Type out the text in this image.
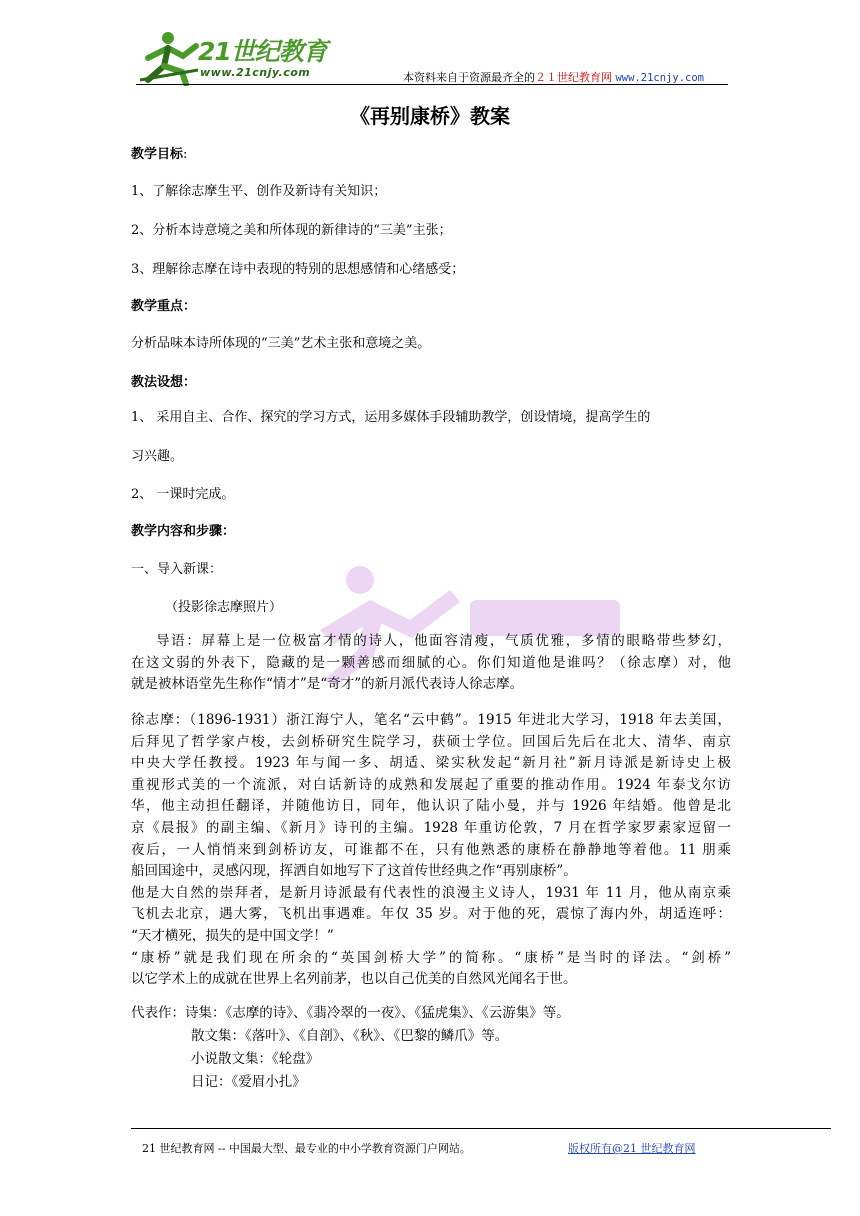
21世纪教育
www.21cnjy.com	本资料来自于资源最齐全的２１世纪教育网 www.21cnjy.com
《再别康桥》教案
教学目标:
1、了解徐志摩生平、创作及新诗有关知识；
2、分析本诗意境之美和所体现的新律诗的“三美”主张；
3、理解徐志摩在诗中表现的特别的思想感情和心绪感受；
教学重点：
分析品味本诗所体现的“三美”艺术主张和意境之美。
教法设想：
1、 采用自主、合作、探究的学习方式，运用多媒体手段辅助教学，创设情境，提高学生的
习兴趣。
2、 一课时完成。
教学内容和步骤：
一、导入新课：
（投影徐志摩照片）
导语：屏幕上是一位极富才情的诗人，他面容清瘦，气质优雅，多情的眼略带些梦幻，
在这文弱的外表下，隐藏的是一颗善感而细腻的心。你们知道他是谁吗？（徐志摩）对，他
就是被林语堂先生称作“情才”是“奇才”的新月派代表诗人徐志摩。
徐志摩：（1896-1931）浙江海宁人，笔名“云中鹤”。1915 年进北大学习，1918 年去美国，
后拜见了哲学家卢梭，去剑桥研究生院学习，获硕士学位。回国后先后在北大、清华、南京
中央大学任教授。1923 年与闻一多、胡适、梁实秋发起“新月社”新月诗派是新诗史上极
重视形式美的一个流派，对白话新诗的成熟和发展起了重要的推动作用。1924 年泰戈尔访
华，他主动担任翻译，并随他访日，同年，他认识了陆小曼，并与 1926 年结婚。他曾是北
京《晨报》的副主编、《新月》诗刊的主编。1928 年重访伦敦，7 月在哲学家罗素家逗留一
夜后，一人悄悄来到剑桥访友，可谁都不在，只有他熟悉的康桥在静静地等着他。11 朋乘
船回国途中，灵感闪现，挥洒自如地写下了这首传世经典之作“再别康桥”。
他是大自然的崇拜者，是新月诗派最有代表性的浪漫主义诗人，1931 年 11 月，他从南京乘
飞机去北京，遇大雾，飞机出事遇难。年仅 35 岁。对于他的死，震惊了海内外，胡适连呼：
“天才横死，损失的是中国文学！”
“康桥”就是我们现在所余的“英国剑桥大学”的简称。“康桥”是当时的译法。“剑桥”
以它学术上的成就在世界上名列前茅，也以自己优美的自然风光闻名于世。
代表作：诗集：《志摩的诗》、《翡冷翠的一夜》、《猛虎集》、《云游集》等。
散文集：《落叶》、《自剖》、《秋》、《巴黎的鳞爪》等。
小说散文集：《轮盘》
日记：《爱眉小扎》
21 世纪教育网 -- 中国最大型、最专业的中小学教育资源门户网站。	版权所有@21 世纪教育网
